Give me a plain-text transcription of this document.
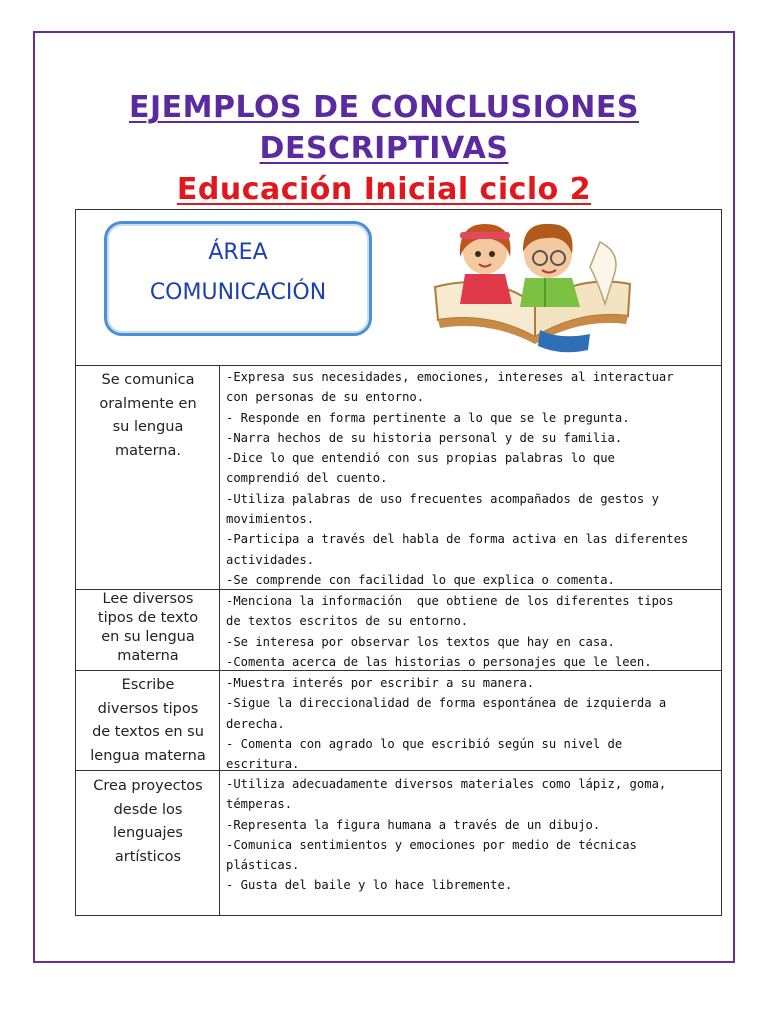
EJEMPLOS DE CONCLUSIONES
DESCRIPTIVAS
Educación Inicial ciclo 2
ÁREA
COMUNICACIÓN
Se comunica
oralmente en
su lengua
materna.
-Expresa sus necesidades, emociones, intereses al interactuar
con personas de su entorno.
- Responde en forma pertinente a lo que se le pregunta.
-Narra hechos de su historia personal y de su familia.
-Dice lo que entendió con sus propias palabras lo que
comprendió del cuento.
-Utiliza palabras de uso frecuentes acompañados de gestos y
movimientos.
-Participa a través del habla de forma activa en las diferentes
actividades.
-Se comprende con facilidad lo que explica o comenta.
Lee diversos
tipos de texto
en su lengua
materna
-Menciona la información  que obtiene de los diferentes tipos
de textos escritos de su entorno.
-Se interesa por observar los textos que hay en casa.
-Comenta acerca de las historias o personajes que le leen.
Escribe
diversos tipos
de textos en su
lengua materna
-Muestra interés por escribir a su manera.
-Sigue la direccionalidad de forma espontánea de izquierda a
derecha.
- Comenta con agrado lo que escribió según su nivel de
escritura.
Crea proyectos
desde los
lenguajes
artísticos
-Utiliza adecuadamente diversos materiales como lápiz, goma,
témperas.
-Representa la figura humana a través de un dibujo.
-Comunica sentimientos y emociones por medio de técnicas
plásticas.
- Gusta del baile y lo hace libremente.
